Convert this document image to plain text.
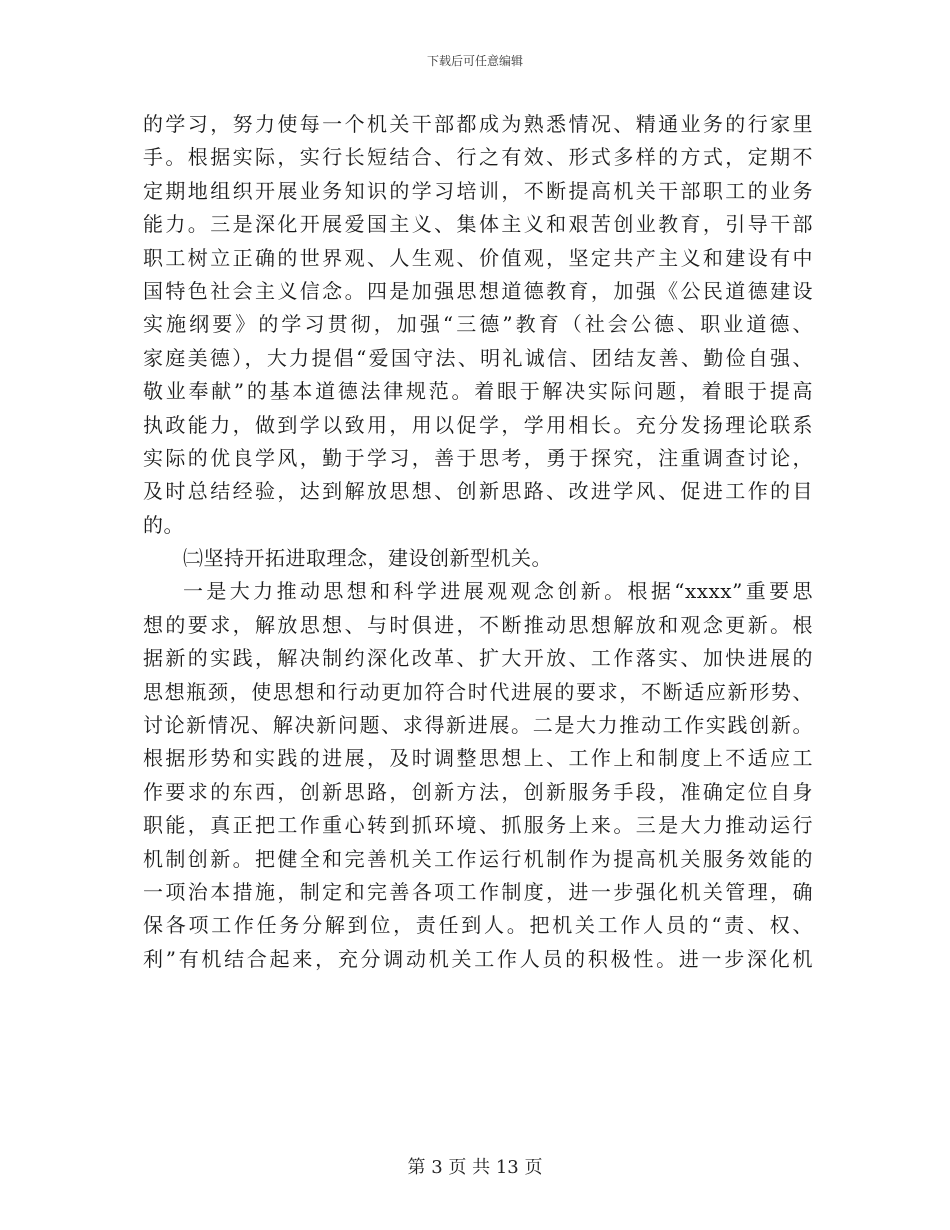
下载后可任意编辑
的学习，努力使每一个机关干部都成为熟悉情况、精通业务的行家里
手。根据实际，实行长短结合、行之有效、形式多样的方式，定期不
定期地组织开展业务知识的学习培训，不断提高机关干部职工的业务
能力。三是深化开展爱国主义、集体主义和艰苦创业教育，引导干部
职工树立正确的世界观、人生观、价值观，坚定共产主义和建设有中
国特色社会主义信念。四是加强思想道德教育，加强《公民道德建设
实施纲要》的学习贯彻，加强“三德”教育（社会公德、职业道德、
家庭美德），大力提倡“爱国守法、明礼诚信、团结友善、勤俭自强、
敬业奉献”的基本道德法律规范。着眼于解决实际问题，着眼于提高
执政能力，做到学以致用，用以促学，学用相长。充分发扬理论联系
实际的优良学风，勤于学习，善于思考，勇于探究，注重调查讨论，
及时总结经验，达到解放思想、创新思路、改进学风、促进工作的目
的。
㈡坚持开拓进取理念，建设创新型机关。
一是大力推动思想和科学进展观观念创新。根据“xxxx”重要思
想的要求，解放思想、与时俱进，不断推动思想解放和观念更新。根
据新的实践，解决制约深化改革、扩大开放、工作落实、加快进展的
思想瓶颈，使思想和行动更加符合时代进展的要求，不断适应新形势、
讨论新情况、解决新问题、求得新进展。二是大力推动工作实践创新。
根据形势和实践的进展，及时调整思想上、工作上和制度上不适应工
作要求的东西，创新思路，创新方法，创新服务手段，准确定位自身
职能，真正把工作重心转到抓环境、抓服务上来。三是大力推动运行
机制创新。把健全和完善机关工作运行机制作为提高机关服务效能的
一项治本措施，制定和完善各项工作制度，进一步强化机关管理，确
保各项工作任务分解到位，责任到人。把机关工作人员的“责、权、
利”有机结合起来，充分调动机关工作人员的积极性。进一步深化机
第 3 页 共 13 页
